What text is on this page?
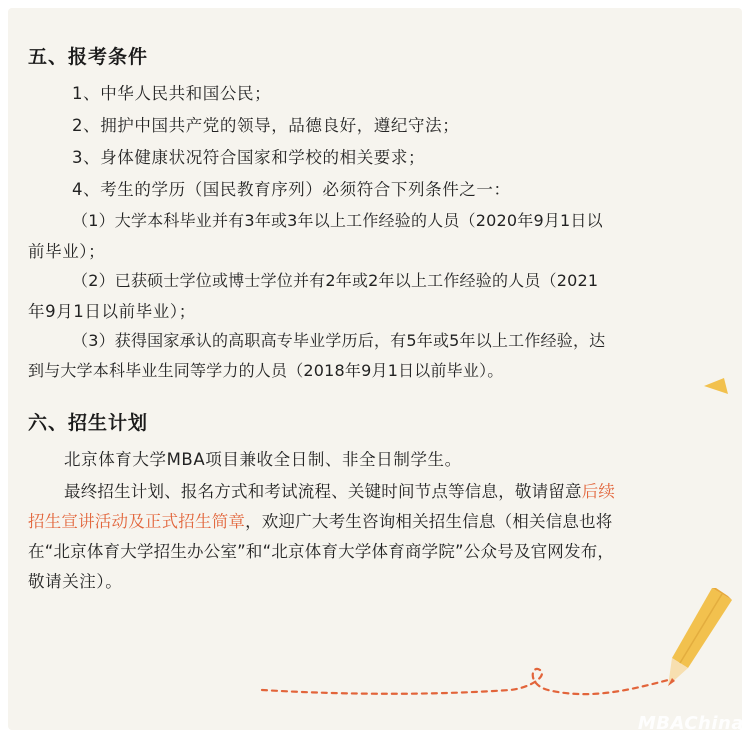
五、报考条件
1、中华人民共和国公民；
2、拥护中国共产党的领导，品德良好，遵纪守法；
3、身体健康状况符合国家和学校的相关要求；
4、考生的学历（国民教育序列）必须符合下列条件之一：
（1）大学本科毕业并有3年或3年以上工作经验的人员（2020年9月1日以
前毕业）；
（2）已获硕士学位或博士学位并有2年或2年以上工作经验的人员（2021
年9月1日以前毕业）；
（3）获得国家承认的高职高专毕业学历后，有5年或5年以上工作经验，达
到与大学本科毕业生同等学力的人员（2018年9月1日以前毕业）。
六、招生计划
北京体育大学MBA项目兼收全日制、非全日制学生。
最终招生计划、报名方式和考试流程、关键时间节点等信息，敬请留意后续
招生宣讲活动及正式招生简章，欢迎广大考生咨询相关招生信息（相关信息也将
在“北京体育大学招生办公室”和“北京体育大学体育商学院”公众号及官网发布，
敬请关注）。
MBAChina
